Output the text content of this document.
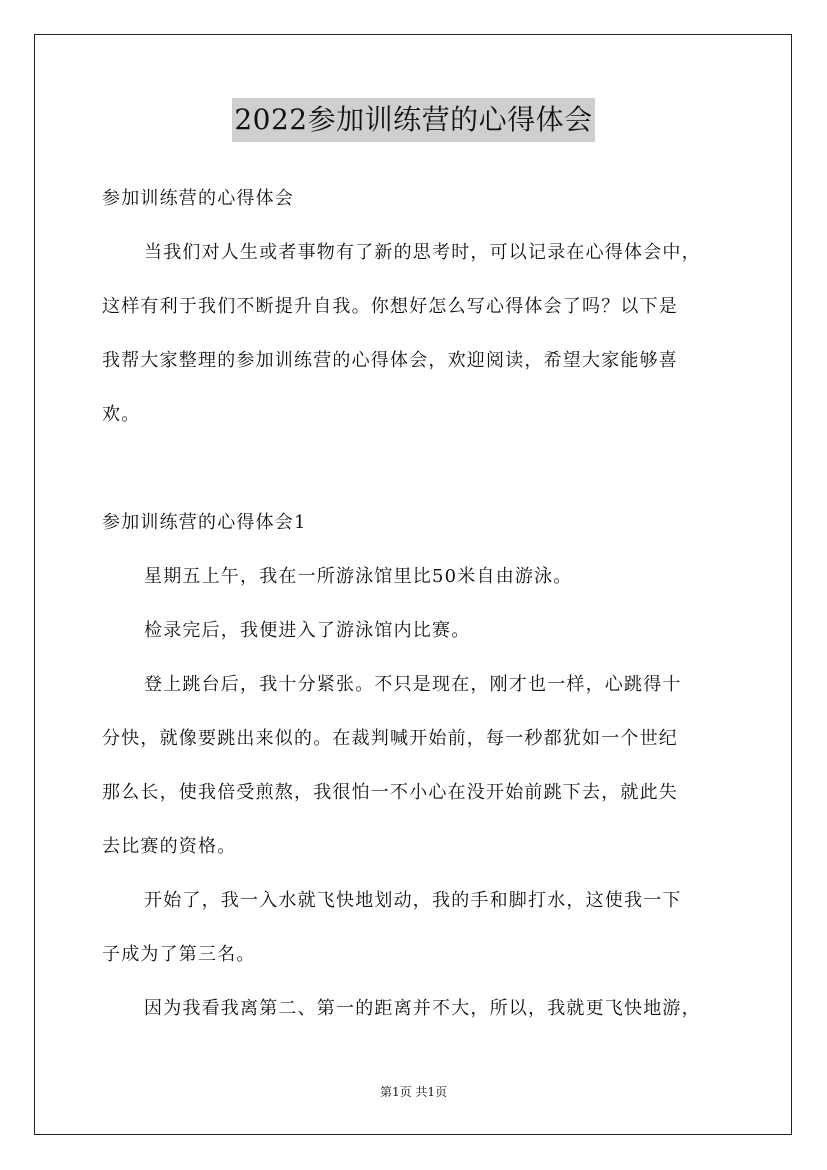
2022参加训练营的心得体会
参加训练营的心得体会
当我们对人生或者事物有了新的思考时，可以记录在心得体会中，
这样有利于我们不断提升自我。你想好怎么写心得体会了吗？以下是
我帮大家整理的参加训练营的心得体会，欢迎阅读，希望大家能够喜
欢。
参加训练营的心得体会1
星期五上午，我在一所游泳馆里比50米自由游泳。
检录完后，我便进入了游泳馆内比赛。
登上跳台后，我十分紧张。不只是现在，刚才也一样，心跳得十
分快，就像要跳出来似的。在裁判喊开始前，每一秒都犹如一个世纪
那么长，使我倍受煎熬，我很怕一不小心在没开始前跳下去，就此失
去比赛的资格。
开始了，我一入水就飞快地划动，我的手和脚打水，这使我一下
子成为了第三名。
因为我看我离第二、第一的距离并不大，所以，我就更飞快地游，
第1页 共1页
